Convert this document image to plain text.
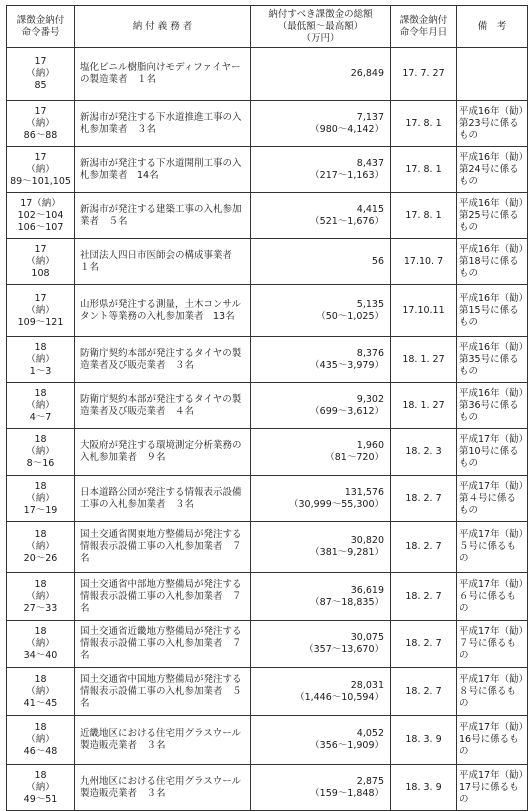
課徴金納付
命令番号	納 付 義 務 者	納付すべき課徴金の総額
（最低額～最高額）
（万円）	課徴金納付
命令年月日	備　考

17
（納）
85	塩化ビニル樹脂向けモディファイヤーの製造業者　１名	26,849	17. 7. 27	

17
（納）
86～88	新潟市が発注する下水道推進工事の入札参加業者　３名	7,137
（980～4,142）	17. 8. 1	平成16年（勧）第23号に係るもの

17
（納）
89～101,105	新潟市が発注する下水道開削工事の入札参加業者　14名	8,437
（217～1,163）	17. 8. 1	平成16年（勧）第24号に係るもの

17（納）
102～104
106～107	新潟市が発注する建築工事の入札参加業者　５名	4,415
（521～1,676）	17. 8. 1	平成16年（勧）第25号に係るもの

17
（納）
108	社団法人四日市医師会の構成事業者　１名	56	17.10. 7	平成16年（勧）第18号に係るもの

17
（納）
109～121	山形県が発注する測量，土木コンサルタント等業務の入札参加業者　13名	5,135
（50～1,025）	17.10.11	平成16年（勧）第15号に係るもの

18
（納）
1～3	防衛庁契約本部が発注するタイヤの製造業者及び販売業者　３名	8,376
（435～3,979）	18. 1. 27	平成16年（勧）第35号に係るもの

18
（納）
4～7	防衛庁契約本部が発注するタイヤの製造業者及び販売業者　４名	9,302
（699～3,612）	18. 1. 27	平成16年（勧）第36号に係るもの

18
（納）
8～16	大阪府が発注する環境測定分析業務の入札参加業者　９名	1,960
（81～720）	18. 2. 3	平成17年（勧）第10号に係るもの

18
（納）
17～19	日本道路公団が発注する情報表示設備工事の入札参加業者　３名	131,576
（30,999～55,300）	18. 2. 7	平成17年（勧）第４号に係るもの

18
（納）
20～26	国土交通省関東地方整備局が発注する情報表示設備工事の入札参加業者　７名	30,820
（381～9,281）	18. 2. 7	平成17年（勧）５号に係るもの

18
（納）
27～33	国土交通省中部地方整備局が発注する情報表示設備工事の入札参加業者　７名	36,619
（87～18,835）	18. 2. 7	平成17年（勧）６号に係るもの

18
（納）
34～40	国土交通省近畿地方整備局が発注する情報表示設備工事の入札参加業者　７名	30,075
（357～13,670）	18. 2. 7	平成17年（勧）７号に係るもの

18
（納）
41～45	国土交通省中国地方整備局が発注する情報表示設備工事の入札参加業者　５名	28,031
（1,446～10,594）	18. 2. 7	平成17年（勧）８号に係るもの

18
（納）
46～48	近畿地区における住宅用グラスウール製造販売業者　３名	4,052
（356～1,909）	18. 3. 9	平成17年（勧）16号に係るもの

18
（納）
49～51	九州地区における住宅用グラスウール製造販売業者　３名	2,875
（159～1,848）	18. 3. 9	平成17年（勧）17号に係るもの
